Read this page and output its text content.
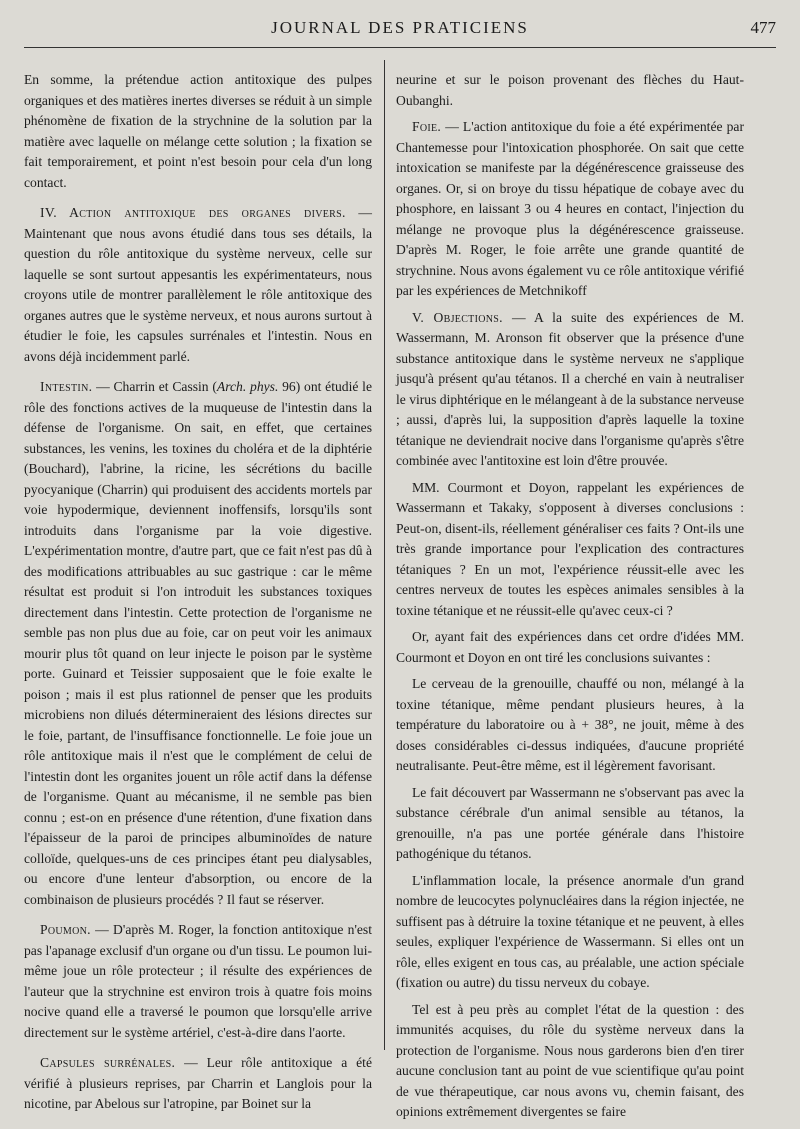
JOURNAL DES PRATICIENS	477

En somme, la prétendue action antitoxique des pulpes organiques et des matières inertes diverses se réduit à un simple phénomène de fixation de la strychnine de la solution par la matière avec laquelle on mélange cette solution ; la fixation se fait temporairement, et point n'est besoin pour cela d'un long contact.

IV. Action antitoxique des organes divers. — Maintenant que nous avons étudié dans tous ses détails, la question du rôle antitoxique du système nerveux, celle sur laquelle se sont surtout appesantis les expérimentateurs, nous croyons utile de montrer parallèlement le rôle antitoxique des organes autres que le système nerveux, et nous aurons surtout à étudier le foie, les capsules surrénales et l'intestin. Nous en avons déjà incidemment parlé.

Intestin. — Charrin et Cassin (Arch. phys. 96) ont étudié le rôle des fonctions actives de la muqueuse de l'intestin dans la défense de l'organisme. On sait, en effet, que certaines substances, les venins, les toxines du choléra et de la diphtérie (Bouchard), l'abrine, la ricine, les sécrétions du bacille pyocyanique (Charrin) qui produisent des accidents mortels par voie hypodermique, deviennent inoffensifs, lorsqu'ils sont introduits dans l'organisme par la voie digestive. L'expérimentation montre, d'autre part, que ce fait n'est pas dû à des modifications attribuables au suc gastrique : car le même résultat est produit si l'on introduit les substances toxiques directement dans l'intestin. Cette protection de l'organisme ne semble pas non plus due au foie, car on peut voir les animaux mourir plus tôt quand on leur injecte le poison par le système porte. Guinard et Teissier supposaient que le foie exalte le poison ; mais il est plus rationnel de penser que les produits microbiens non dilués détermineraient des lésions directes sur le foie, partant, de l'insuffisance fonctionnelle. Le foie joue un rôle antitoxique mais il n'est que le complément de celui de l'intestin dont les organites jouent un rôle actif dans la défense de l'organisme. Quant au mécanisme, il ne semble pas bien connu ; est-on en présence d'une rétention, d'une fixation dans l'épaisseur de la paroi de principes albuminoïdes de nature colloïde, quelques-uns de ces principes étant peu dialysables, ou encore d'une lenteur d'absorption, ou encore de la combinaison de plusieurs procédés ? Il faut se réserver.

Poumon. — D'après M. Roger, la fonction antitoxique n'est pas l'apanage exclusif d'un organe ou d'un tissu. Le poumon lui-même joue un rôle protecteur ; il résulte des expériences de l'auteur que la strychnine est environ trois à quatre fois moins nocive quand elle a traversé le poumon que lorsqu'elle arrive directement sur le système artériel, c'est-à-dire dans l'aorte.

Capsules surrénales. — Leur rôle antitoxique a été vérifié à plusieurs reprises, par Charrin et Langlois pour la nicotine, par Abelous sur l'atropine, par Boinet sur la

neurine et sur le poison provenant des flèches du Haut-Oubanghi.

Foie. — L'action antitoxique du foie a été expérimentée par Chantemesse pour l'intoxication phosphorée. On sait que cette intoxication se manifeste par la dégénérescence graisseuse des organes. Or, si on broye du tissu hépatique de cobaye avec du phosphore, en laissant 3 ou 4 heures en contact, l'injection du mélange ne provoque plus la dégénérescence graisseuse. D'après M. Roger, le foie arrête une grande quantité de strychnine. Nous avons également vu ce rôle antitoxique vérifié par les expériences de Metchnikoff

V. Objections. — A la suite des expériences de M. Wassermann, M. Aronson fit observer que la présence d'une substance antitoxique dans le système nerveux ne s'applique jusqu'à présent qu'au tétanos. Il a cherché en vain à neutraliser le virus diphtérique en le mélangeant à de la substance nerveuse ; aussi, d'après lui, la supposition d'après laquelle la toxine tétanique ne deviendrait nocive dans l'organisme qu'après s'être combinée avec l'antitoxine est loin d'être prouvée.

MM. Courmont et Doyon, rappelant les expériences de Wassermann et Takaky, s'opposent à diverses conclusions : Peut-on, disent-ils, réellement généraliser ces faits ? Ont-ils une très grande importance pour l'explication des contractures tétaniques ? En un mot, l'expérience réussit-elle avec les centres nerveux de toutes les espèces animales sensibles à la toxine tétanique et ne réussit-elle qu'avec ceux-ci ?

Or, ayant fait des expériences dans cet ordre d'idées MM. Courmont et Doyon en ont tiré les conclusions suivantes :

Le cerveau de la grenouille, chauffé ou non, mélangé à la toxine tétanique, même pendant plusieurs heures, à la température du laboratoire ou à + 38°, ne jouit, même à des doses considérables ci-dessus indiquées, d'aucune propriété neutralisante. Peut-être même, est il légèrement favorisant.

Le fait découvert par Wassermann ne s'observant pas avec la substance cérébrale d'un animal sensible au tétanos, la grenouille, n'a pas une portée générale dans l'histoire pathogénique du tétanos.

L'inflammation locale, la présence anormale d'un grand nombre de leucocytes polynucléaires dans la région injectée, ne suffisent pas à détruire la toxine tétanique et ne peuvent, à elles seules, expliquer l'expérience de Wassermann. Si elles ont un rôle, elles exigent en tous cas, au préalable, une action spéciale (fixation ou autre) du tissu nerveux du cobaye.

Tel est à peu près au complet l'état de la question : des immunités acquises, du rôle du système nerveux dans la protection de l'organisme. Nous nous garderons bien d'en tirer aucune conclusion tant au point de vue scientifique qu'au point de vue thérapeutique, car nous avons vu, chemin faisant, des opinions extrêmement divergentes se faire
